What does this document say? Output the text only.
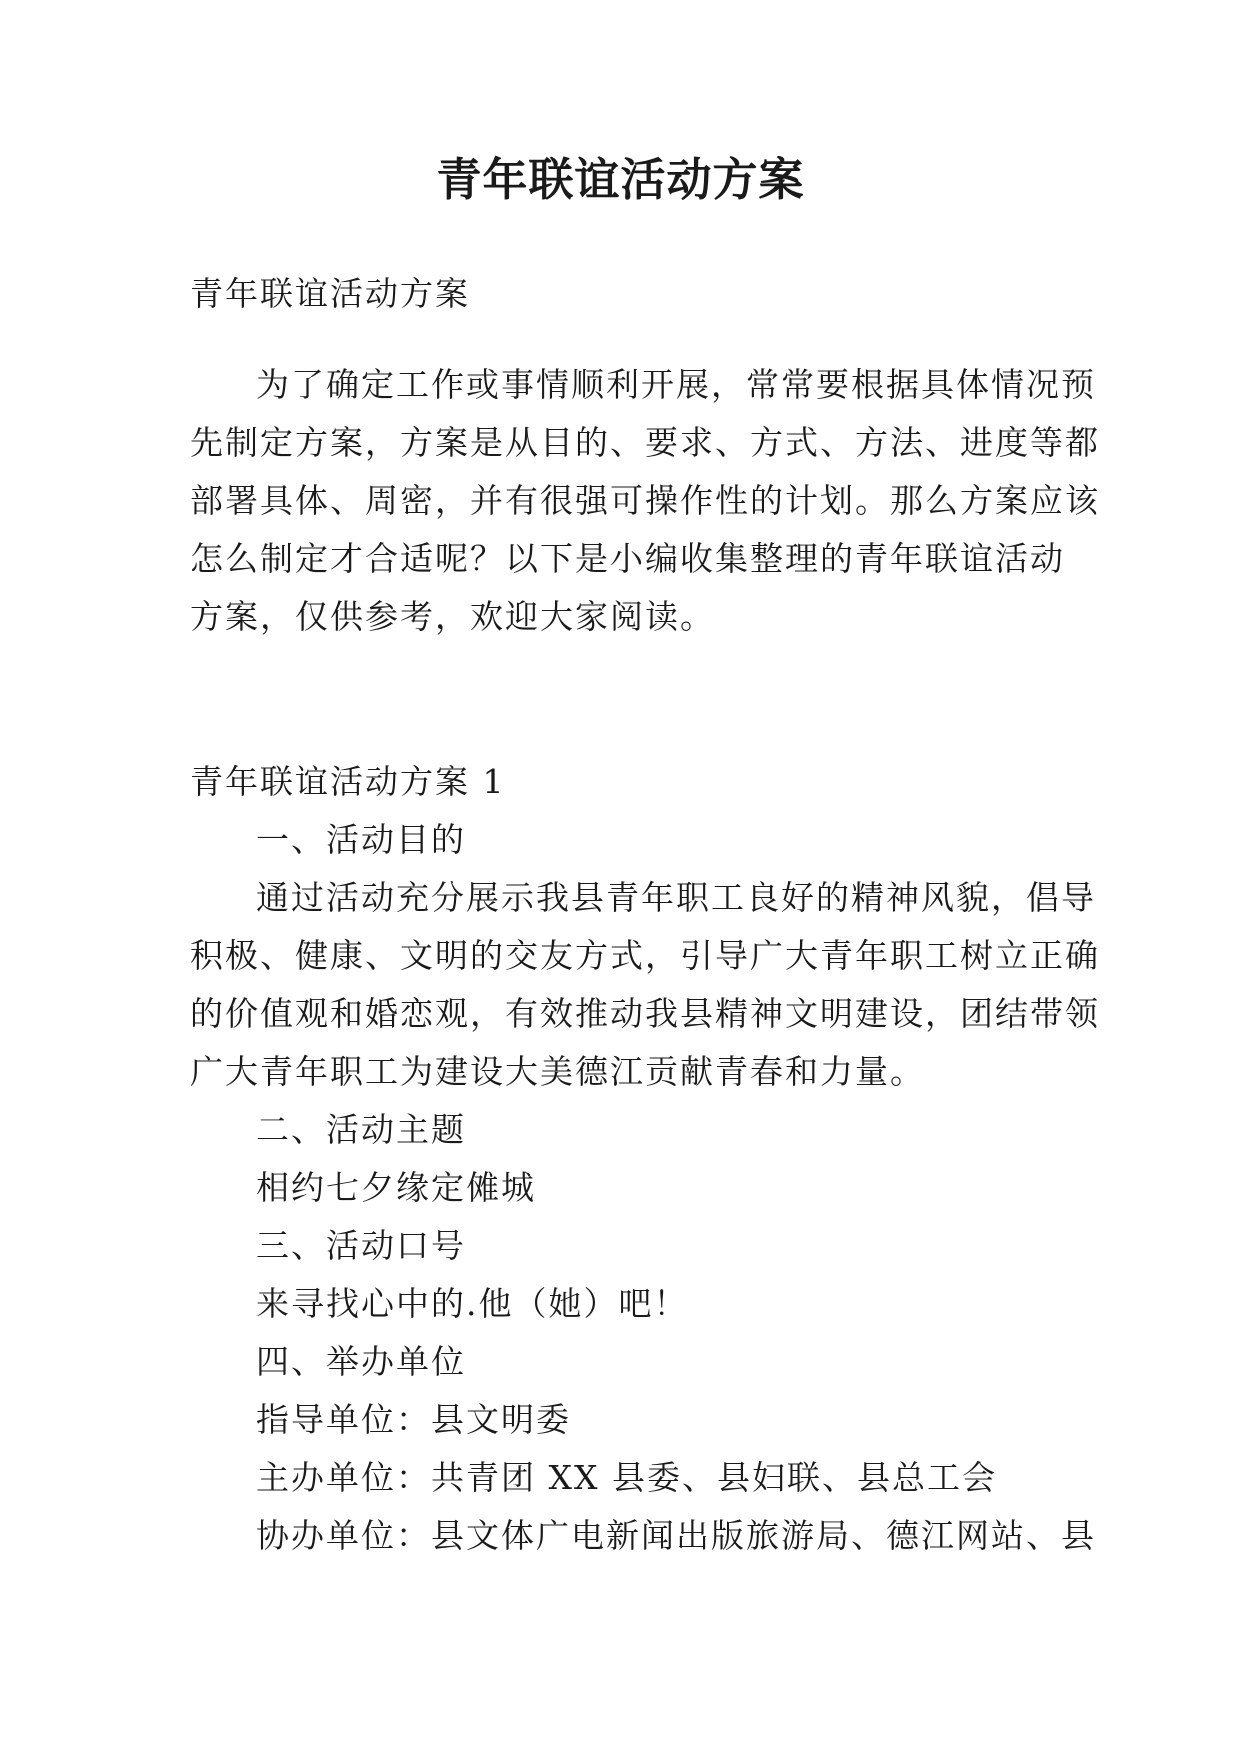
青年联谊活动方案
青年联谊活动方案
为了确定工作或事情顺利开展，常常要根据具体情况预
先制定方案，方案是从目的、要求、方式、方法、进度等都
部署具体、周密，并有很强可操作性的计划。那么方案应该
怎么制定才合适呢？以下是小编收集整理的青年联谊活动
方案，仅供参考，欢迎大家阅读。
青年联谊活动方案 1
一、活动目的
通过活动充分展示我县青年职工良好的精神风貌，倡导
积极、健康、文明的交友方式，引导广大青年职工树立正确
的价值观和婚恋观，有效推动我县精神文明建设，团结带领
广大青年职工为建设大美德江贡献青春和力量。
二、活动主题
相约七夕缘定傩城
三、活动口号
来寻找心中的.他（她）吧！
四、举办单位
指导单位：县文明委
主办单位：共青团 XX 县委、县妇联、县总工会
协办单位：县文体广电新闻出版旅游局、德江网站、县
